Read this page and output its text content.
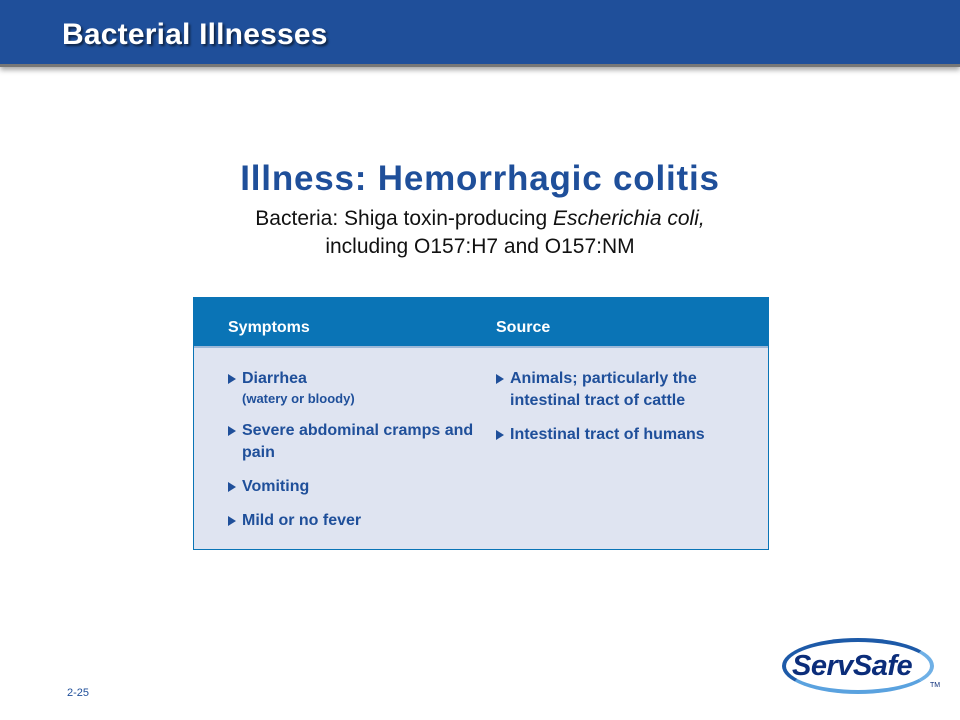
Bacterial Illnesses
Illness: Hemorrhagic colitis
Bacteria: Shiga toxin-producing Escherichia coli,
including O157:H7 and O157:NM
Symptoms	Source
Diarrhea
(watery or bloody)
Severe abdominal cramps and pain
Vomiting
Mild or no fever
Animals; particularly the intestinal tract of cattle
Intestinal tract of humans
2-25
ServSafe
TM
